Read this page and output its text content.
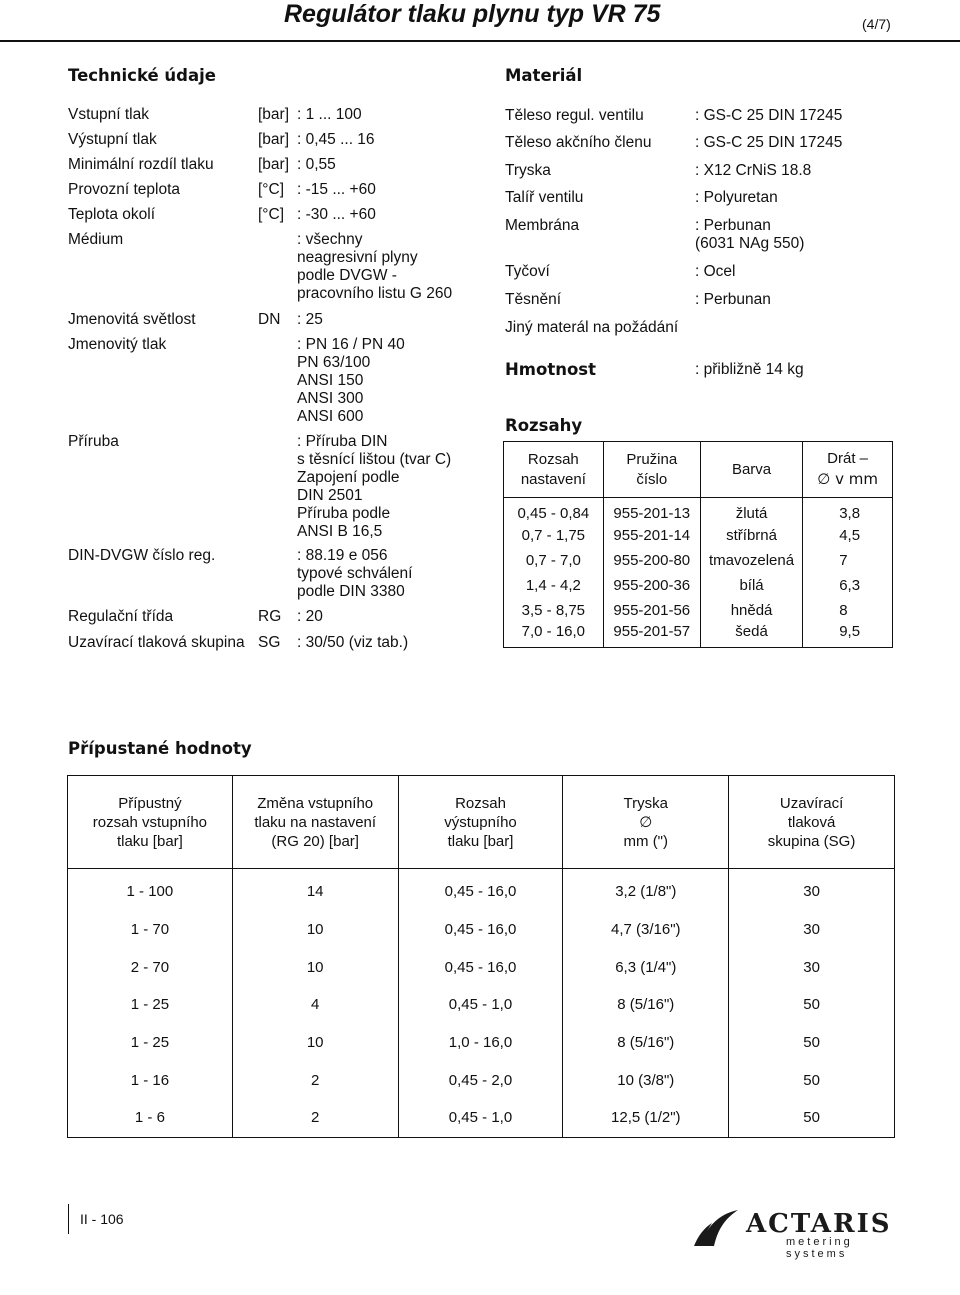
Regulátor tlaku plynu typ VR 75	(4/7)
Technické údaje
Vstupní tlak	[bar] : 1 ... 100
Výstupní tlak	[bar] : 0,45 ... 16
Minimální rozdíl tlaku	[bar] : 0,55
Provozní teplota	[°C] : -15 ... +60
Teplota okolí	[°C] : -30 ... +60
Médium	: všechny
neagresivní plyny
podle DVGW -
pracovního listu G 260
Jmenovitá světlost	DN : 25
Jmenovitý tlak	: PN 16 / PN 40
PN 63/100
ANSI 150
ANSI 300
ANSI 600
Příruba	: Příruba DIN
s těsnící lištou (tvar C)
Zapojení podle
DIN 2501
Příruba podle
ANSI B 16,5
DIN-DVGW číslo reg.	: 88.19 e 056
typové schválení
podle DIN 3380
Regulační třída	RG : 20
Uzavírací tlaková skupina SG : 30/50 (viz tab.)
Materiál
Těleso regul. ventilu	: GS-C 25 DIN 17245
Těleso akčního členu	: GS-C 25 DIN 17245
Tryska	: X12 CrNiS 18.8
Talíř ventilu	: Polyuretan
Membrána	: Perbunan
(6031 NAg 550)
Tyčoví	: Ocel
Těsnění	: Perbunan
Jiný materál na požádání
Hmotnost	: přibližně 14 kg
Rozsahy
Rozsah
nastavení	Pružina
číslo	Barva	Drát –
∅ v mm
0,45 - 0,84	955-201-13	žlutá	3,8
0,7 - 1,75	955-201-14	stříbrná	4,5
0,7 - 7,0	955-200-80	tmavozelená	7
1,4 - 4,2	955-200-36	bílá	6,3
3,5 - 8,75	955-201-56	hnědá	8
7,0 - 16,0	955-201-57	šedá	9,5
Přípustané hodnoty
Přípustný
rozsah vstupního
tlaku [bar]	Změna vstupního
tlaku na nastavení
(RG 20) [bar]	Rozsah
výstupního
tlaku [bar]	Tryska
∅
mm (")	Uzavírací
tlaková
skupina (SG)
1 - 100	14	0,45 - 16,0	3,2 (1/8")	30
1 - 70	10	0,45 - 16,0	4,7 (3/16")	30
2 - 70	10	0,45 - 16,0	6,3 (1/4")	30
1 - 25	4	0,45 - 1,0	8 (5/16")	50
1 - 25	10	1,0 - 16,0	8 (5/16")	50
1 - 16	2	0,45 - 2,0	10 (3/8")	50
1 - 6	2	0,45 - 1,0	12,5 (1/2")	50
II - 106	ACTARIS
metering systems
